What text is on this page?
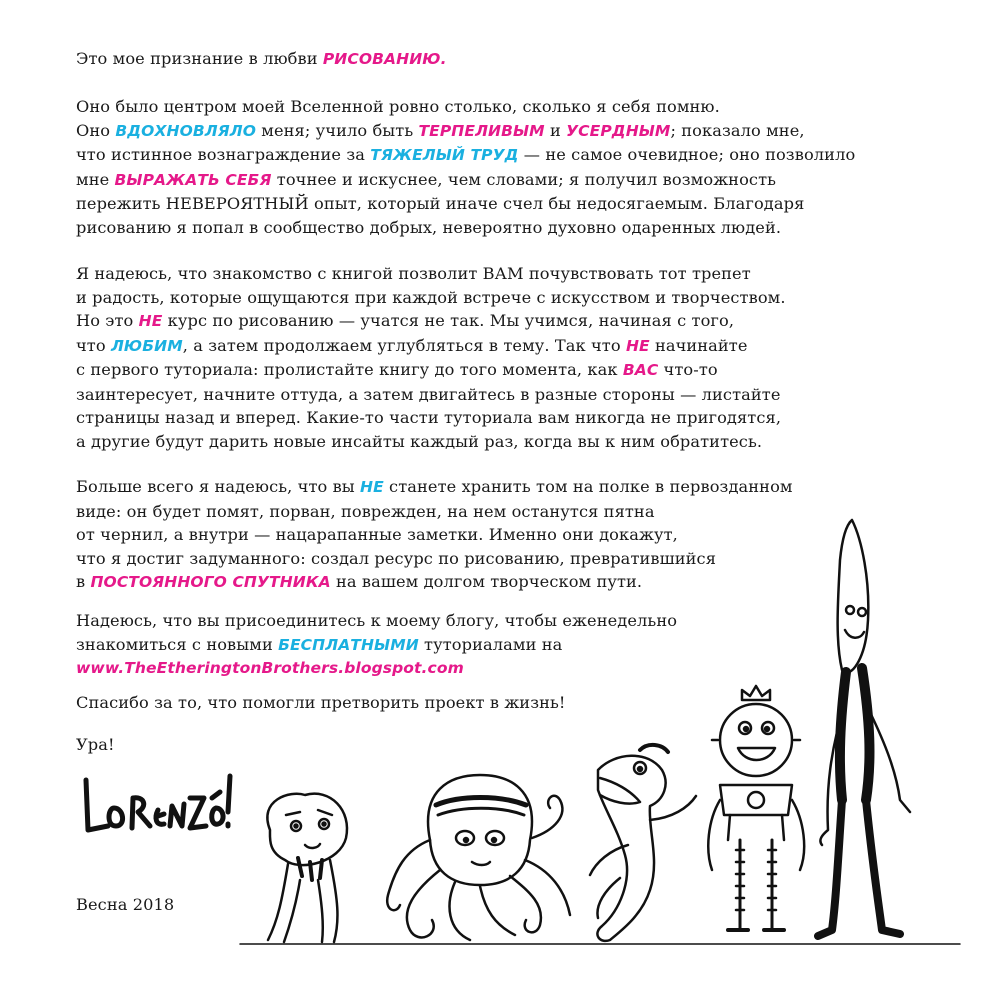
Это мое признание в любви РИСОВАНИЮ.

Оно было центром моей Вселенной ровно столько, сколько я себя помню.
Оно ВДОХНОВЛЯЛО меня; учило быть ТЕРПЕЛИВЫМ и УСЕРДНЫМ; показало мне,
что истинное вознаграждение за ТЯЖЕЛЫЙ ТРУД — не самое очевидное; оно позволило
мне ВЫРАЖАТЬ СЕБЯ точнее и искуснее, чем словами; я получил возможность
пережить НЕВЕРОЯТНЫЙ опыт, который иначе счел бы недосягаемым. Благодаря
рисованию я попал в сообщество добрых, невероятно духовно одаренных людей.

Я надеюсь, что знакомство с книгой позволит ВАМ почувствовать тот трепет
и радость, которые ощущаются при каждой встрече с искусством и творчеством.
Но это НЕ курс по рисованию — учатся не так. Мы учимся, начиная с того,
что ЛЮБИМ, а затем продолжаем углубляться в тему. Так что НЕ начинайте
с первого туториала: пролистайте книгу до того момента, как ВАС что-то
заинтересует, начните оттуда, а затем двигайтесь в разные стороны — листайте
страницы назад и вперед. Какие-то части туториала вам никогда не пригодятся,
а другие будут дарить новые инсайты каждый раз, когда вы к ним обратитесь.

Больше всего я надеюсь, что вы НЕ станете хранить том на полке в первозданном
виде: он будет помят, порван, поврежден, на нем останутся пятна
от чернил, а внутри — нацарапанные заметки. Именно они докажут,
что я достиг задуманного: создал ресурс по рисованию, превратившийся
в ПОСТОЯННОГО СПУТНИКА на вашем долгом творческом пути.

Надеюсь, что вы присоединитесь к моему блогу, чтобы еженедельно
знакомиться с новыми БЕСПЛАТНЫМИ туториалами на
www.TheEtheringtonBrothers.blogspot.com

Спасибо за то, что помогли претворить проект в жизнь!

Ура!

Весна 2018
